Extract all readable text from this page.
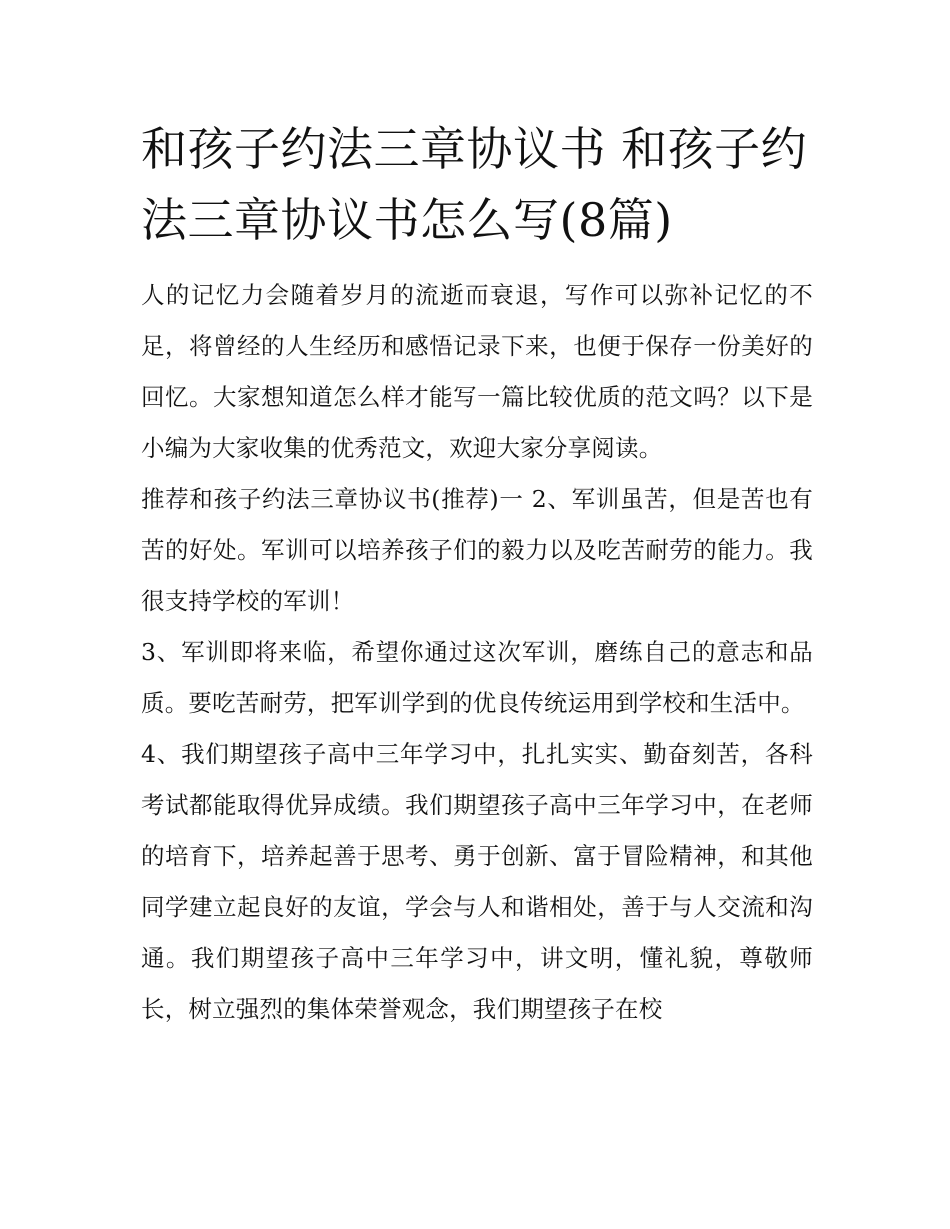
和孩子约法三章协议书 和孩子约法三章协议书怎么写(8篇)

人的记忆力会随着岁月的流逝而衰退，写作可以弥补记忆的不足，将曾经的人生经历和感悟记录下来，也便于保存一份美好的回忆。大家想知道怎么样才能写一篇比较优质的范文吗？以下是小编为大家收集的优秀范文，欢迎大家分享阅读。

推荐和孩子约法三章协议书(推荐)一 2、军训虽苦，但是苦也有苦的好处。军训可以培养孩子们的毅力以及吃苦耐劳的能力。我很支持学校的军训！

3、军训即将来临，希望你通过这次军训，磨练自己的意志和品质。要吃苦耐劳，把军训学到的优良传统运用到学校和生活中。

4、我们期望孩子高中三年学习中，扎扎实实、勤奋刻苦，各科考试都能取得优异成绩。我们期望孩子高中三年学习中，在老师的培育下，培养起善于思考、勇于创新、富于冒险精神，和其他同学建立起良好的友谊，学会与人和谐相处，善于与人交流和沟通。我们期望孩子高中三年学习中，讲文明，懂礼貌，尊敬师长，树立强烈的集体荣誉观念，我们期望孩子在校
